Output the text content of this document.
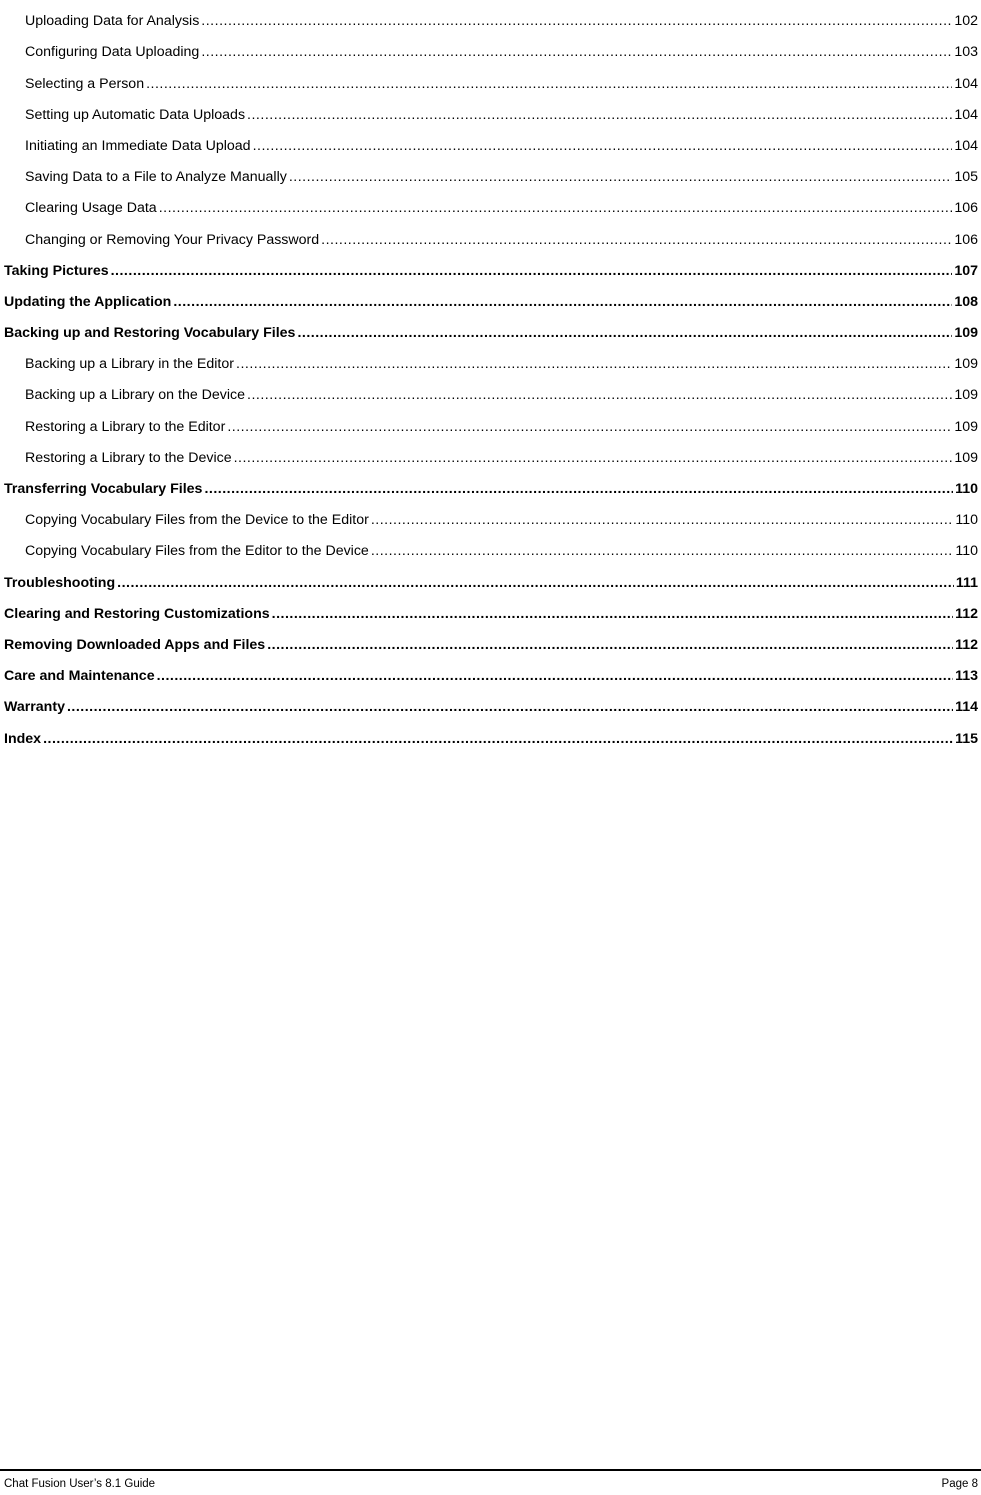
Uploading Data for Analysis .....	102
Configuring Data Uploading .....	103
Selecting a Person .....	104
Setting up Automatic Data Uploads .....	104
Initiating an Immediate Data Upload .....	104
Saving Data to a File to Analyze Manually .....	105
Clearing Usage Data .....	106
Changing or Removing Your Privacy Password .....	106
Taking Pictures .....	107
Updating the Application .....	108
Backing up and Restoring Vocabulary Files .....	109
Backing up a Library in the Editor .....	109
Backing up a Library on the Device .....	109
Restoring a Library to the Editor .....	109
Restoring a Library to the Device .....	109
Transferring Vocabulary Files .....	110
Copying Vocabulary Files from the Device to the Editor .....	110
Copying Vocabulary Files from the Editor to the Device .....	110
Troubleshooting .....	111
Clearing and Restoring Customizations .....	112
Removing Downloaded Apps and Files .....	112
Care and Maintenance .....	113
Warranty .....	114
Index .....	115
Chat Fusion User’s 8.1 Guide	Page 8
